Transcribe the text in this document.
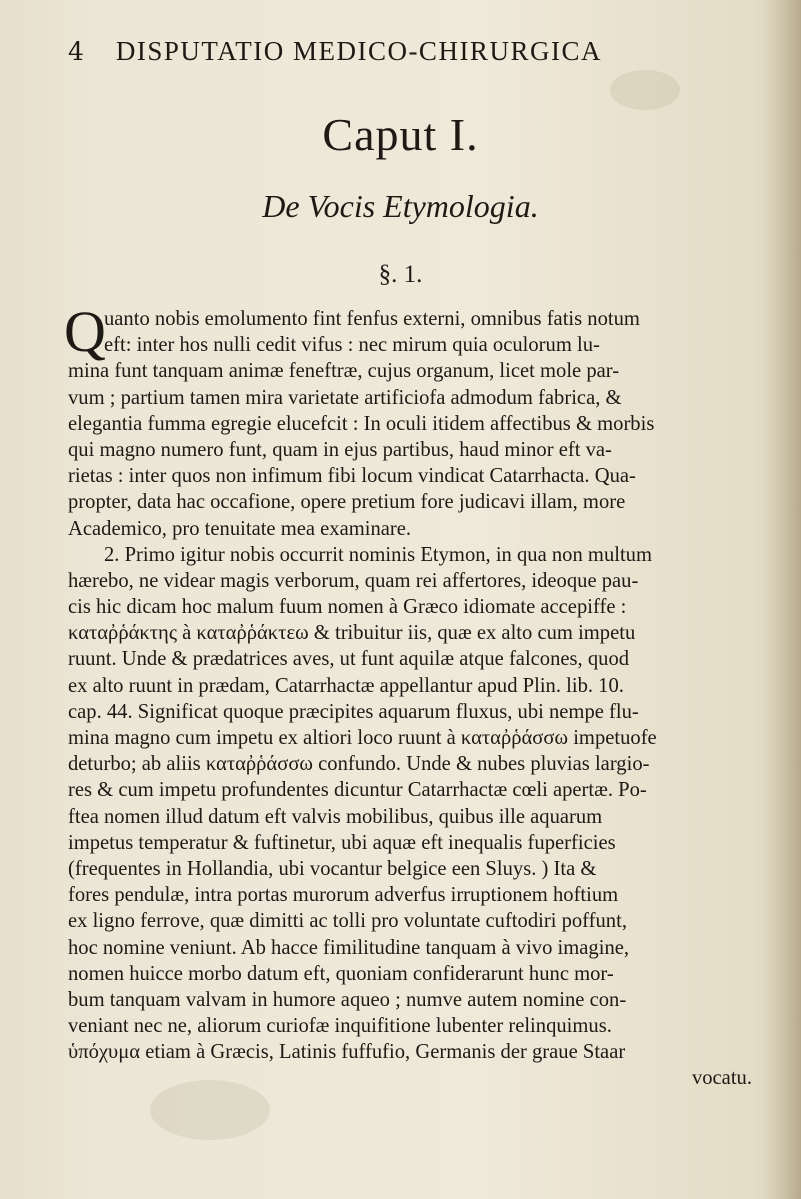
4 DISPUTATIO MEDICO-CHIRURGICA
Caput I.
De Vocis Etymologia.
§. 1.
Q
uanto nobis emolumento fint fenfus externi, omnibus fatis notum
eft: inter hos nulli cedit vifus : nec mirum quia oculorum lu-
mina funt tanquam animæ feneftræ, cujus organum, licet mole par-
vum ; partium tamen mira varietate artificiofa admodum fabrica, &
elegantia fumma egregie elucefcit : In oculi itidem affectibus & morbis
qui magno numero funt, quam in ejus partibus, haud minor eft va-
rietas : inter quos non infimum fibi locum vindicat Catarrhacta. Qua-
propter, data hac occafione, opere pretium fore judicavi illam, more
Academico, pro tenuitate mea examinare.
2. Primo igitur nobis occurrit nominis Etymon, in qua non multum
hærebo, ne videar magis verborum, quam rei affertores, ideoque pau-
cis hic dicam hoc malum fuum nomen à Græco idiomate accepiffe :
καταῤῥάκτης à καταῤῥάκτεω & tribuitur iis, quæ ex alto cum impetu
ruunt. Unde & prædatrices aves, ut funt aquilæ atque falcones, quod
ex alto ruunt in prædam, Catarrhactæ appellantur apud Plin. lib. 10.
cap. 44. Significat quoque præcipites aquarum fluxus, ubi nempe flu-
mina magno cum impetu ex altiori loco ruunt à καταῤῥάσσω impetuofe
deturbo; ab aliis καταῤῥάσσω confundo. Unde & nubes pluvias largio-
res & cum impetu profundentes dicuntur Catarrhactæ cœli apertæ. Po-
ftea nomen illud datum eft valvis mobilibus, quibus ille aquarum
impetus temperatur & fuftinetur, ubi aquæ eft inequalis fuperficies
(frequentes in Hollandia, ubi vocantur belgice een Sluys. ) Ita &
fores pendulæ, intra portas murorum adverfus irruptionem hoftium
ex ligno ferrove, quæ dimitti ac tolli pro voluntate cuftodiri poffunt,
hoc nomine veniunt. Ab hacce fimilitudine tanquam à vivo imagine,
nomen huicce morbo datum eft, quoniam confiderarunt hunc mor-
bum tanquam valvam in humore aqueo ; numve autem nomine con-
veniant nec ne, aliorum curiofæ inquifitione lubenter relinquimus.
ὑπόχυμα etiam à Græcis, Latinis fuffufio, Germanis der graue Staar
vocatu.
